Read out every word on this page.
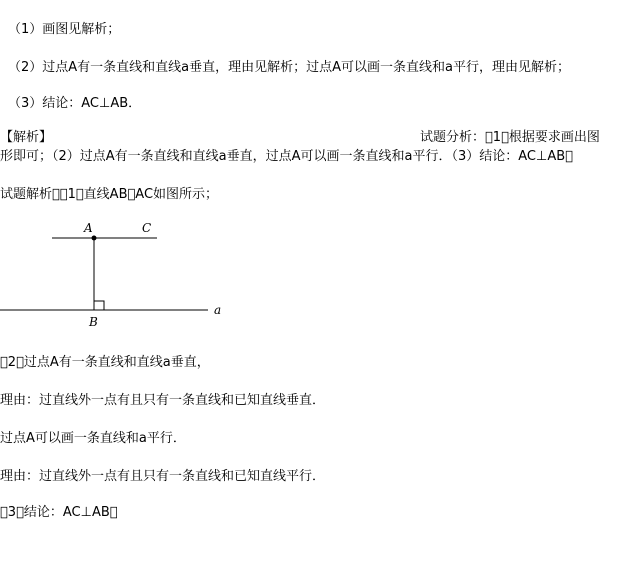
（1）画图见解析；
（2）过点A有一条直线和直线a垂直，理由见解析；过点A可以画一条直线和a平行，理由见解析；
（3）结论：AC⊥AB．
【解析】	试题分析：󰀀1）根据要求画出图
形即可；（2）过点A有一条直线和直线a垂直，过点A可以画一条直线和a平行．（3）结论：AC⊥AB󰀀
试题解析󰀀󰀀1）直线AB󰀀AC如图所示；
A	C
B
a
󰀀2）过点A有一条直线和直线a垂直，
理由：过直线外一点有且只有一条直线和已知直线垂直．
过点A可以画一条直线和a平行．
理由：过直线外一点有且只有一条直线和已知直线平行．
󰀀3）结论：AC⊥AB󰀀
